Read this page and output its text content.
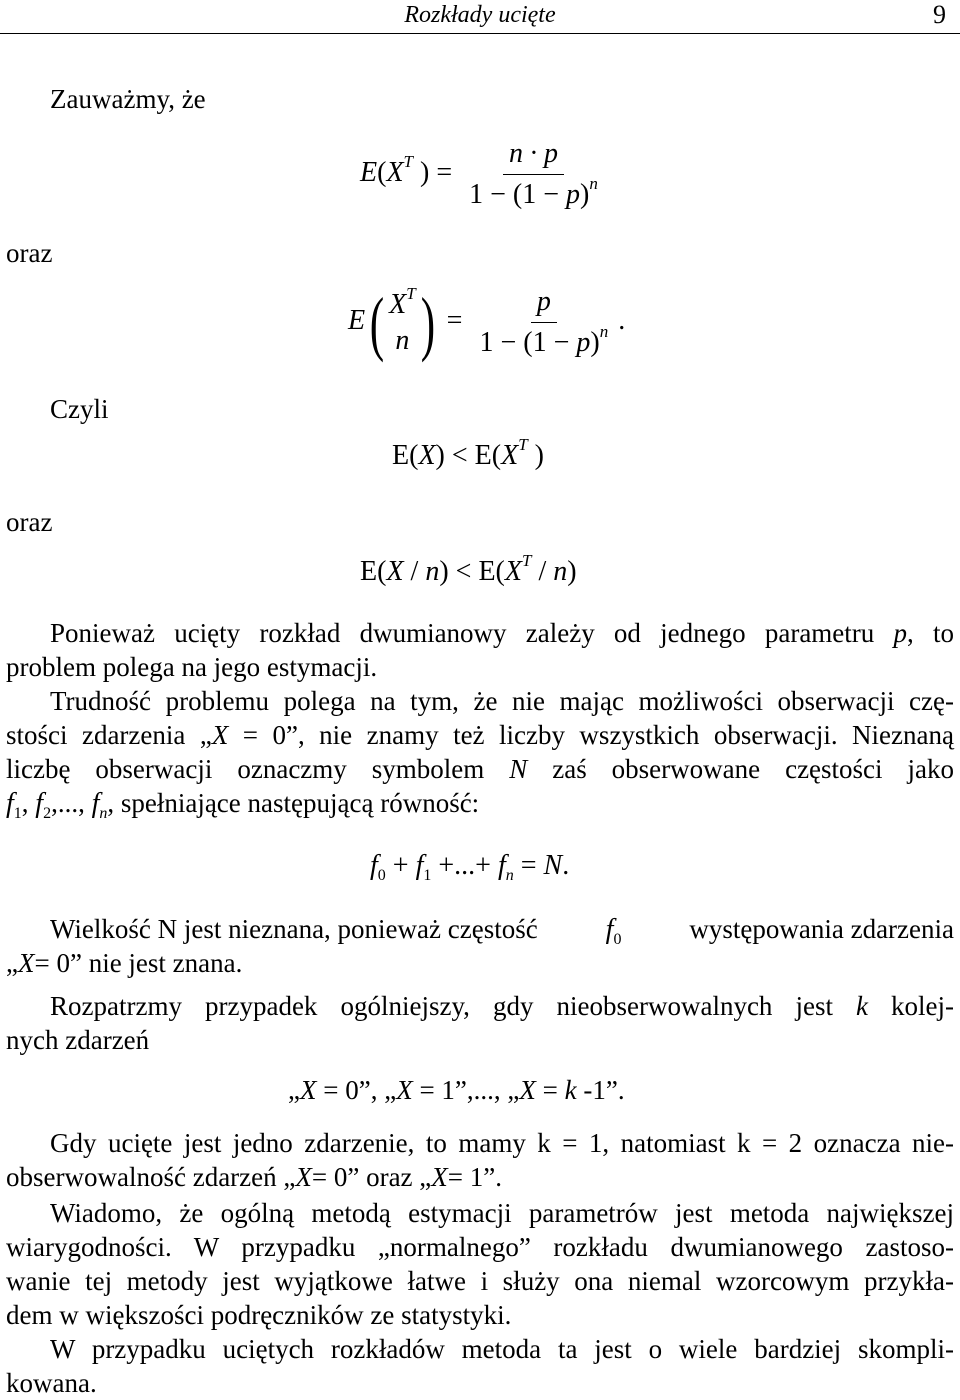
Rozkłady ucięte	9
Zauważmy, że
$E(X^T$ ) = $\frac{n \cdot p}{1 - (1 - p)^n}$
oraz
E( $X^T$
n ) = $\frac{p}{1 - (1 - p)^n}$ .
Czyli
$E(X) < E(X^T$ )
oraz
$E(X / n) < E(X^T / n)$
Ponieważ ucięty rozkład dwumianowy zależy od jednego parametru p, to
problem polega na jego estymacji.
Trudność problemu polega na tym, że nie mając możliwości obserwacji czę-
stości zdarzenia „X = 0”, nie znamy też liczby wszystkich obserwacji. Nieznaną
liczbę obserwacji oznaczmy symbolem N zaś obserwowane częstości jako
$f_1$, $f_2$,..., $f_n$, spełniające następującą równość:
$f_0 + f_1$ +...+ $f_n = N$.
Wielkość N jest nieznana, ponieważ częstość $f_0$	występowania zdarzenia
„X= 0” nie jest znana.
Rozpatrzmy przypadek ogólniejszy, gdy nieobserwowalnych jest k kolej-
nych zdarzeń
„X = 0”, „X = 1”,..., „X = k -1”.
Gdy ucięte jest jedno zdarzenie, to mamy k = 1, natomiast k = 2 oznacza nie-
obserwowalność zdarzeń „X= 0” oraz „X= 1”.
Wiadomo, że ogólną metodą estymacji parametrów jest metoda największej
wiarygodności. W przypadku „normalnego” rozkładu dwumianowego zastoso-
wanie tej metody jest wyjątkowe łatwe i służy ona niemal wzorcowym przykła-
dem w większości podręczników ze statystyki.
W przypadku uciętych rozkładów metoda ta jest o wiele bardziej skompli-
kowana.
